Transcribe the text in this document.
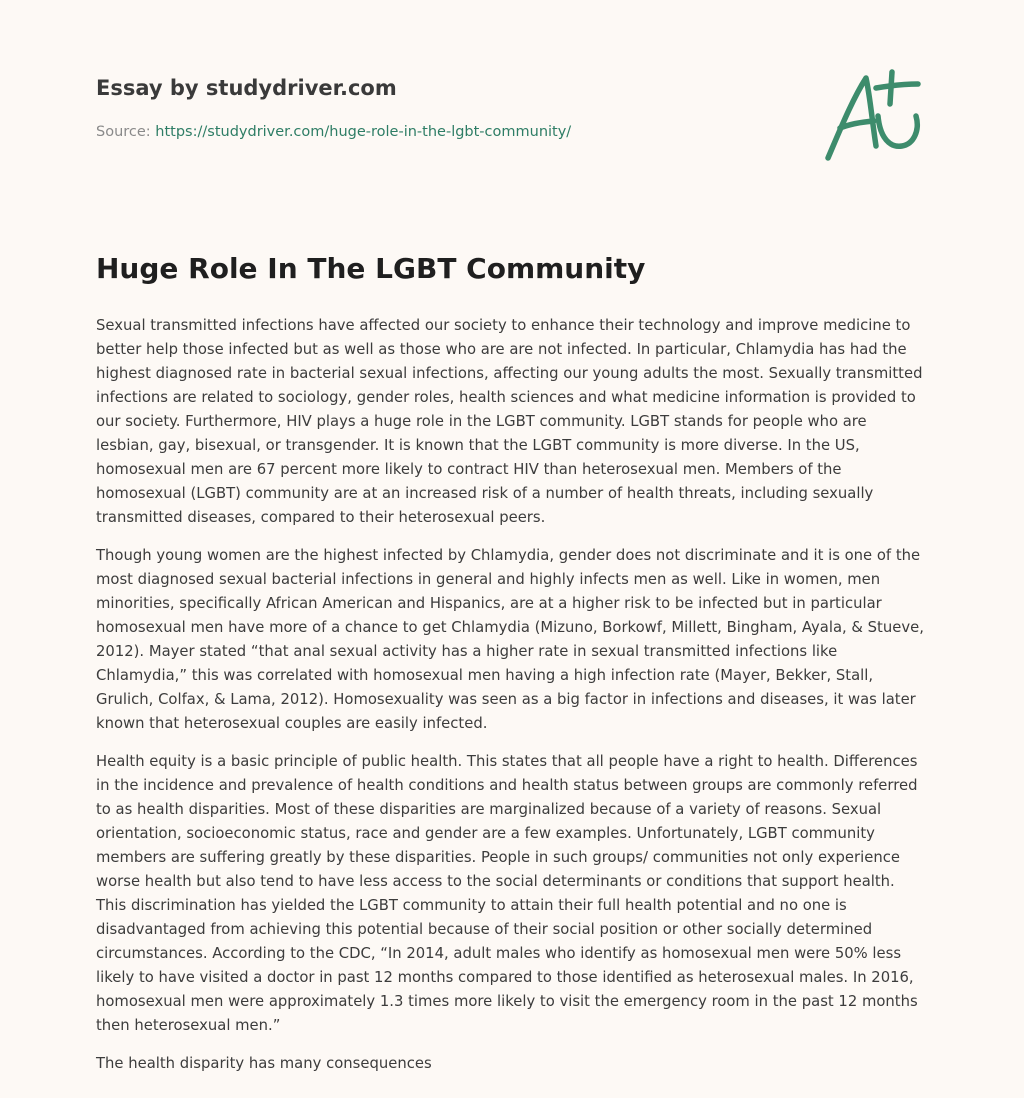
Essay by studydriver.com
Source: https://studydriver.com/huge-role-in-the-lgbt-community/
Huge Role In The LGBT Community

Sexual transmitted infections have affected our society to enhance their technology and improve medicine to better help those infected but as well as those who are are not infected. In particular, Chlamydia has had the highest diagnosed rate in bacterial sexual infections, affecting our young adults the most. Sexually transmitted infections are related to sociology, gender roles, health sciences and what medicine information is provided to our society. Furthermore, HIV plays a huge role in the LGBT community. LGBT stands for people who are lesbian, gay, bisexual, or transgender. It is known that the LGBT community is more diverse. In the US, homosexual men are 67 percent more likely to contract HIV than heterosexual men. Members of the homosexual (LGBT) community are at an increased risk of a number of health threats, including sexually transmitted diseases, compared to their heterosexual peers.

Though young women are the highest infected by Chlamydia, gender does not discriminate and it is one of the most diagnosed sexual bacterial infections in general and highly infects men as well. Like in women, men minorities, specifically African American and Hispanics, are at a higher risk to be infected but in particular homosexual men have more of a chance to get Chlamydia (Mizuno, Borkowf, Millett, Bingham, Ayala, & Stueve, 2012). Mayer stated “that anal sexual activity has a higher rate in sexual transmitted infections like Chlamydia,” this was correlated with homosexual men having a high infection rate (Mayer, Bekker, Stall, Grulich, Colfax, & Lama, 2012). Homosexuality was seen as a big factor in infections and diseases, it was later known that heterosexual couples are easily infected.

Health equity is a basic principle of public health. This states that all people have a right to health. Differences in the incidence and prevalence of health conditions and health status between groups are commonly referred to as health disparities. Most of these disparities are marginalized because of a variety of reasons. Sexual orientation, socioeconomic status, race and gender are a few examples. Unfortunately, LGBT community members are suffering greatly by these disparities. People in such groups/ communities not only experience worse health but also tend to have less access to the social determinants or conditions that support health. This discrimination has yielded the LGBT community to attain their full health potential and no one is disadvantaged from achieving this potential because of their social position or other socially determined circumstances. According to the CDC, “In 2014, adult males who identify as homosexual men were 50% less likely to have visited a doctor in past 12 months compared to those identified as heterosexual males. In 2016, homosexual men were approximately 1.3 times more likely to visit the emergency room in the past 12 months then heterosexual men.”

The health disparity has many consequences
